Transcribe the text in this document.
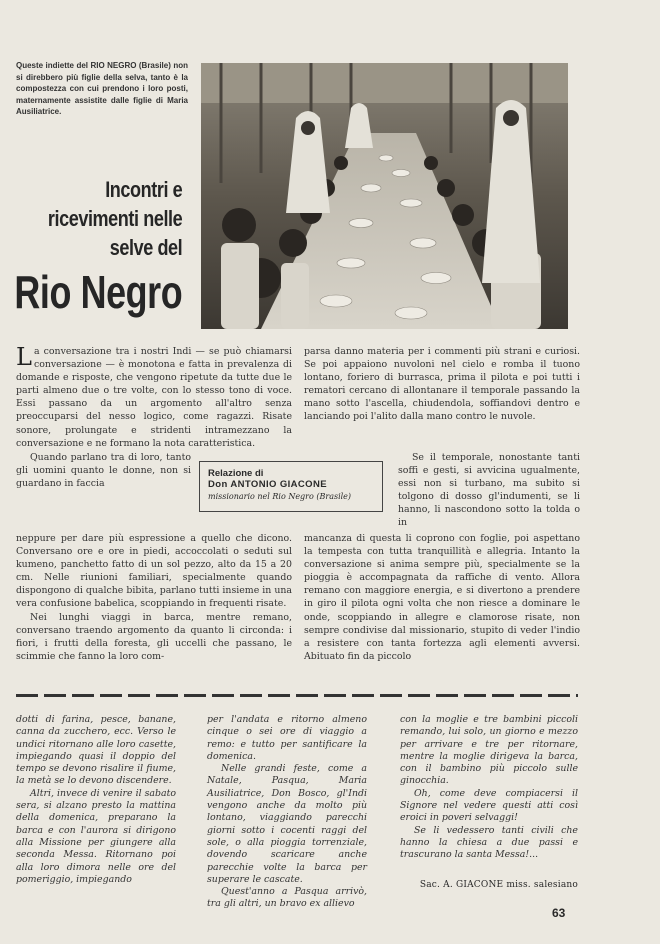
Queste indiette del RIO NEGRO (Brasile) non si direbbero più figlie della selva, tanto è la compostezza con cui prendono i loro posti, maternamente assistite dalle figlie di Maria Ausiliatrice.
Incontri e
ricevimenti nelle
selve del
Rio Negro

La conversazione tra i nostri Indi — se può chiamarsi conversazione — è monotona e fatta in prevalenza di domande e risposte, che vengono ripetute da tutte due le parti almeno due o tre volte, con lo stesso tono di voce. Essi passano da un argomento all'altro senza preoccuparsi del nesso logico, come ragazzi. Risate sonore, prolungate e stridenti intramezzano la conversazione e ne formano la nota caratteristica.

Quando parlano tra di loro, tanto gli uomini quanto le donne, non si guardano in faccia

Relazione di
Don ANTONIO GIACONE
missionario nel Rio Negro (Brasile)

neppure per dare più espressione a quello che dicono. Conversano ore e ore in piedi, accoccolati o seduti sul kumeno, panchetto fatto di un sol pezzo, alto da 15 a 20 cm. Nelle riunioni familiari, specialmente quando dispongono di qualche bibita, parlano tutti insieme in una vera confusione babelica, scoppiando in frequenti risate.

Nei lunghi viaggi in barca, mentre remano, conversano traendo argomento da quanto li circonda: i fiori, i frutti della foresta, gli uccelli che passano, le scimmie che fanno la loro com-

parsa danno materia per i commenti più strani e curiosi. Se poi appaiono nuvoloni nel cielo e romba il tuono lontano, foriero di burrasca, prima il pilota e poi tutti i rematori cercano di allontanare il temporale passando la mano sotto l'ascella, chiudendola, soffiandovi dentro e lanciando poi l'alito dalla mano contro le nuvole.

Se il temporale, nonostante tanti soffi e gesti, si avvicina ugualmente, essi non si turbano, ma subito si tolgono di dosso gl'indumenti, se li hanno, li nascondono sotto la tolda o in

mancanza di questa li coprono con foglie, poi aspettano la tempesta con tutta tranquillità e allegria. Intanto la conversazione si anima sempre più, specialmente se la pioggia è accompagnata da raffiche di vento. Allora remano con maggiore energia, e si divertono a prendere in giro il pilota ogni volta che non riesce a dominare le onde, scoppiando in allegre e clamorose risate, non sempre condivise dal missionario, stupito di veder l'indio a resistere con tanta fortezza agli elementi avversi. Abituato fin da piccolo

dotti di farina, pesce, banane, canna da zucchero, ecc. Verso le undici ritornano alle loro casette, impiegando quasi il doppio del tempo se devono risalire il fiume, la metà se lo devono discendere.

Altri, invece di venire il sabato sera, si alzano presto la mattina della domenica, preparano la barca e con l'aurora si dirigono alla Missione per giungere alla seconda Messa. Ritornano poi alla loro dimora nelle ore del pomeriggio, impiegando

per l'andata e ritorno almeno cinque o sei ore di viaggio a remo: e tutto per santificare la domenica.

Nelle grandi feste, come a Natale, Pasqua, Maria Ausiliatrice, Don Bosco, gl'Indi vengono anche da molto più lontano, viaggiando parecchi giorni sotto i cocenti raggi del sole, o alla pioggia torrenziale, dovendo scaricare anche parecchie volte la barca per superare le cascate.

Quest'anno a Pasqua arrivò, tra gli altri, un bravo ex allievo

con la moglie e tre bambini piccoli remando, lui solo, un giorno e mezzo per arrivare e tre per ritornare, mentre la moglie dirigeva la barca, con il bambino più piccolo sulle ginocchia.

Oh, come deve compiacersi il Signore nel vedere questi atti così eroici in poveri selvaggi!

Se li vedessero tanti civili che hanno la chiesa a due passi e trascurano la santa Messa!...

Sac. A. GIACONE miss. salesiano
63
